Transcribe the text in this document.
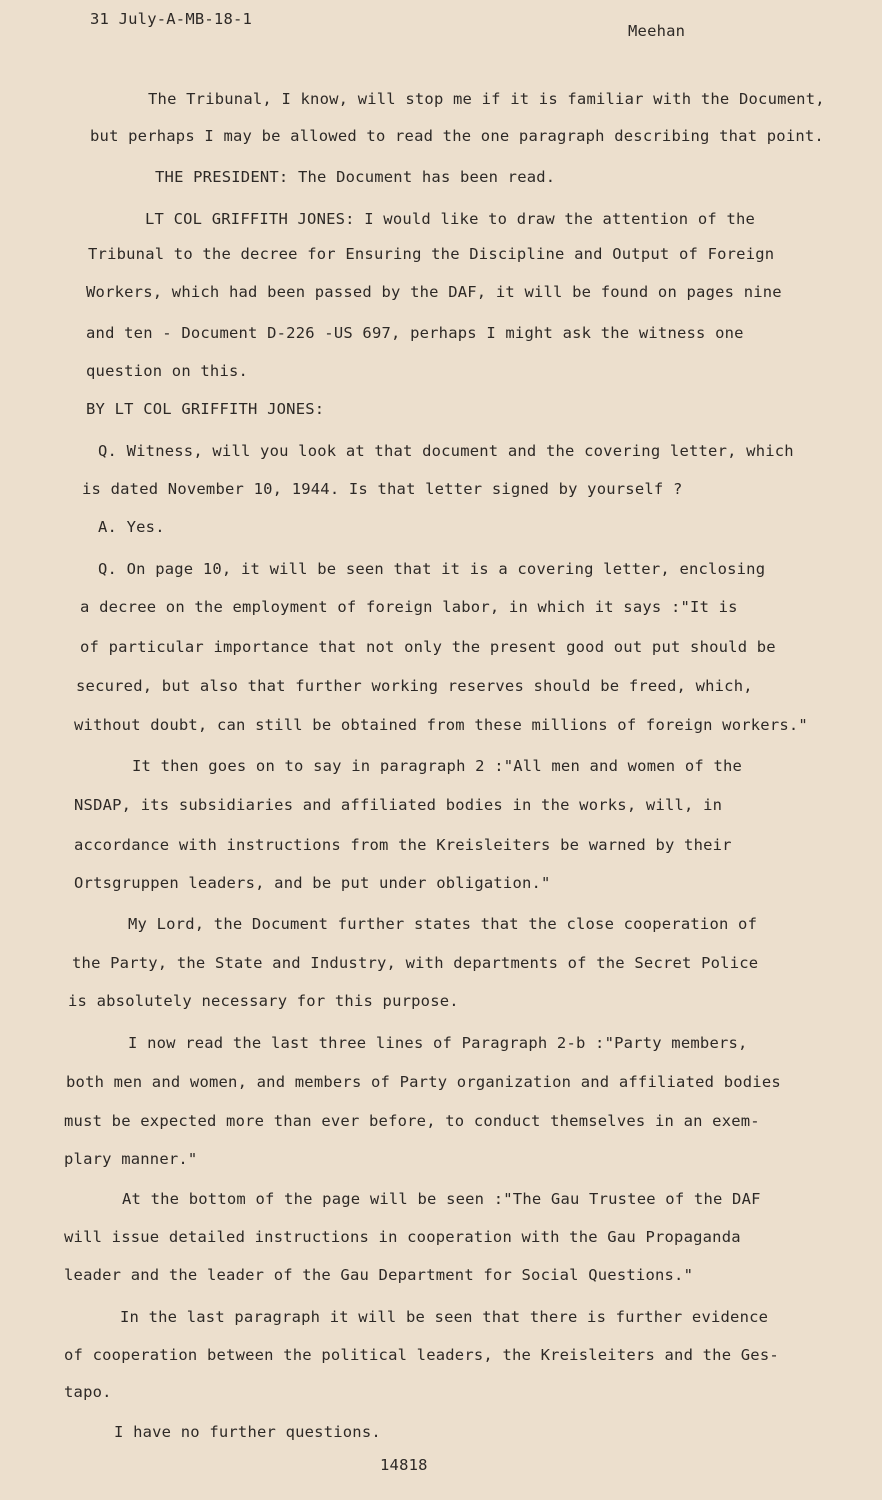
31 July-A-MB-18-1
Meehan
The Tribunal, I know, will stop me if it is familiar with the Document,
but perhaps I may be allowed to read the one paragraph describing that point.
THE PRESIDENT: The Document has been read.
LT COL GRIFFITH JONES: I would like to draw the attention of the
Tribunal to the decree for Ensuring the Discipline and Output of Foreign
Workers, which had been passed by the DAF, it will be found on pages nine
and ten - Document D-226 -US 697, perhaps I might ask the witness one
question on this.
BY LT COL GRIFFITH JONES:
Q. Witness, will you look at that document and the covering letter, which
is dated November 10, 1944. Is that letter signed by yourself ?
A. Yes.
Q. On page 10, it will be seen that it is a covering letter, enclosing
a decree on the employment of foreign labor, in which it says :"It is
of particular importance that not only the present good out put should be
secured, but also that further working reserves should be freed, which,
without doubt, can still be obtained from these millions of foreign workers."
It then goes on to say in paragraph 2 :"All men and women of the
NSDAP, its subsidiaries and affiliated bodies in the works, will, in
accordance with instructions from the Kreisleiters be warned by their
Ortsgruppen leaders, and be put under obligation."
My Lord, the Document further states that the close cooperation of
the Party, the State and Industry, with departments of the Secret Police
is absolutely necessary for this purpose.
I now read the last three lines of Paragraph 2-b :"Party members,
both men and women, and members of Party organization and affiliated bodies
must be expected more than ever before, to conduct themselves in an exem-
plary manner."
At the bottom of the page will be seen :"The Gau Trustee of the DAF
will issue detailed instructions in cooperation with the Gau Propaganda
leader and the leader of the Gau Department for Social Questions."
In the last paragraph it will be seen that there is further evidence
of cooperation between the political leaders, the Kreisleiters and the Ges-
tapo.
I have no further questions.
14818
